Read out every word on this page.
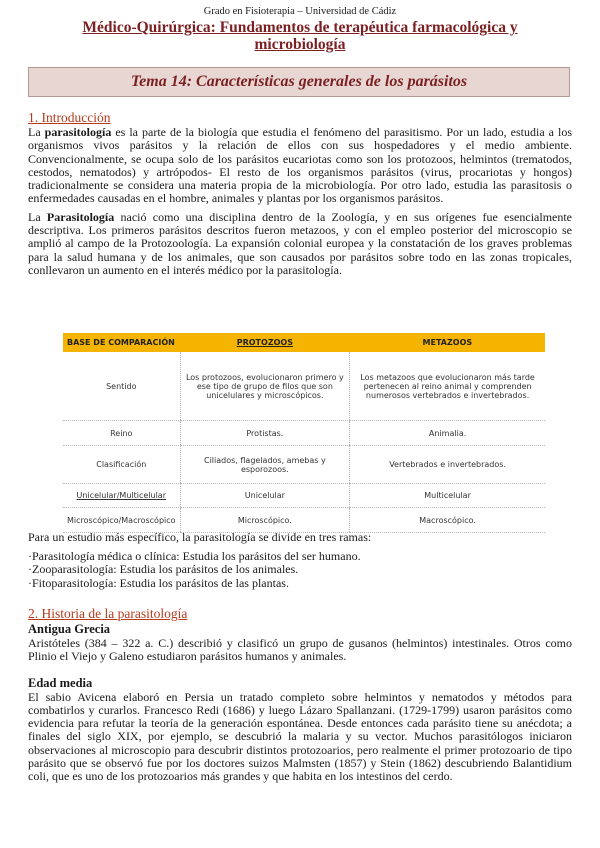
Grado en Fisioterapia – Universidad de Cádiz
Médico-Quirúrgica: Fundamentos de terapéutica farmacológica y microbiología
Tema 14: Características generales de los parásitos
1. Introducción

La parasitología es la parte de la biología que estudia el fenómeno del parasitismo. Por un lado, estudia a los organismos vivos parásitos y la relación de ellos con sus hospedadores y el medio ambiente. Convencionalmente, se ocupa solo de los parásitos eucariotas como son los protozoos, helmintos (trematodos, cestodos, nematodos) y artrópodos- El resto de los organismos parásitos (virus, procariotas y hongos) tradicionalmente se considera una materia propia de la microbiología. Por otro lado, estudia las parasitosis o enfermedades causadas en el hombre, animales y plantas por los organismos parásitos.

La Parasitología nació como una disciplina dentro de la Zoología, y en sus orígenes fue esencialmente descriptiva. Los primeros parásitos descritos fueron metazoos, y con el empleo posterior del microscopio se amplió al campo de la Protozoología. La expansión colonial europea y la constatación de los graves problemas para la salud humana y de los animales, que son causados por parásitos sobre todo en las zonas tropicales, conllevaron un aumento en el interés médico por la parasitología.

BASE DE COMPARACIÓN	PROTOZOOS	METAZOOS
Sentido	Los protozoos, evolucionaron primero y ese tipo de grupo de filos que son unicelulares y microscópicos.	Los metazoos que evolucionaron más tarde pertenecen al reino animal y comprenden numerosos vertebrados e invertebrados.
Reino	Protistas.	Animalia.
Clasificación	Ciliados, flagelados, amebas y esporozoos.	Vertebrados e invertebrados.
Unicelular/Multicelular	Unicelular	Multicelular
Microscópico/Macroscópico	Microscópico.	Macroscópico.

Para un estudio más específico, la parasitología se divide en tres ramas:

·Parasitología médica o clínica: Estudia los parásitos del ser humano.

·Zooparasitología: Estudia los parásitos de los animales.

·Fitoparasitología: Estudia los parásitos de las plantas.

2. Historia de la parasitología
Antigua Grecia

Aristóteles (384 – 322 a. C.) describió y clasificó un grupo de gusanos (helmintos) intestinales. Otros como Plinio el Viejo y Galeno estudiaron parásitos humanos y animales.

Edad media

El sabio Avicena elaboró en Persia un tratado completo sobre helmintos y nematodos y métodos para combatirlos y curarlos. Francesco Redi (1686) y luego Lázaro Spallanzani. (1729-1799) usaron parásitos como evidencia para refutar la teoría de la generación espontánea. Desde entonces cada parásito tiene su anécdota; a finales del siglo XIX, por ejemplo, se descubrió la malaria y su vector. Muchos parasitólogos iniciaron observaciones al microscopio para descubrir distintos protozoarios, pero realmente el primer protozoario de tipo parásito que se observó fue por los doctores suizos Malmsten (1857) y Stein (1862) descubriendo Balantidium coli, que es uno de los protozoarios más grandes y que habita en los intestinos del cerdo.
